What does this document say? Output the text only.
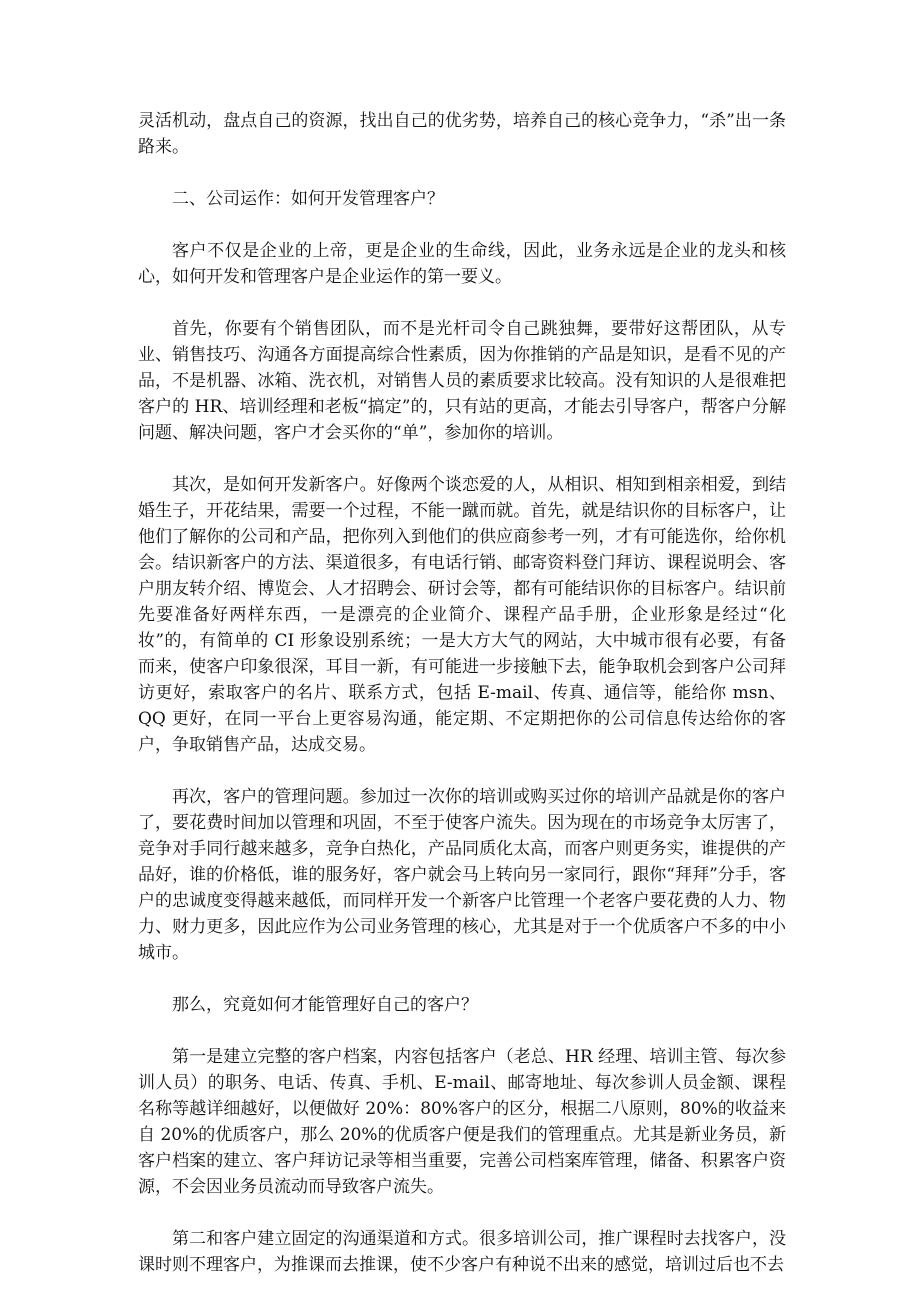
灵活机动，盘点自己的资源，找出自己的优劣势，培养自己的核心竞争力，“杀”出一条路来。

二、公司运作：如何开发管理客户？

客户不仅是企业的上帝，更是企业的生命线，因此，业务永远是企业的龙头和核心，如何开发和管理客户是企业运作的第一要义。

首先，你要有个销售团队，而不是光杆司令自己跳独舞，要带好这帮团队，从专业、销售技巧、沟通各方面提高综合性素质，因为你推销的产品是知识，是看不见的产品，不是机器、冰箱、洗衣机，对销售人员的素质要求比较高。没有知识的人是很难把客户的 HR、培训经理和老板“搞定”的，只有站的更高，才能去引导客户，帮客户分解问题、解决问题，客户才会买你的“单”，参加你的培训。

其次，是如何开发新客户。好像两个谈恋爱的人，从相识、相知到相亲相爱，到结婚生子，开花结果，需要一个过程，不能一蹴而就。首先，就是结识你的目标客户，让他们了解你的公司和产品，把你列入到他们的供应商参考一列，才有可能选你，给你机会。结识新客户的方法、渠道很多，有电话行销、邮寄资料登门拜访、课程说明会、客户朋友转介绍、博览会、人才招聘会、研讨会等，都有可能结识你的目标客户。结识前先要准备好两样东西，一是漂亮的企业简介、课程产品手册，企业形象是经过“化妆”的，有简单的 CI 形象设别系统；一是大方大气的网站，大中城市很有必要，有备而来，使客户印象很深，耳目一新，有可能进一步接触下去，能争取机会到客户公司拜访更好，索取客户的名片、联系方式，包括 E-mail、传真、通信等，能给你 msn、QQ 更好，在同一平台上更容易沟通，能定期、不定期把你的公司信息传达给你的客户，争取销售产品，达成交易。

再次，客户的管理问题。参加过一次你的培训或购买过你的培训产品就是你的客户了，要花费时间加以管理和巩固，不至于使客户流失。因为现在的市场竞争太厉害了，竞争对手同行越来越多，竞争白热化，产品同质化太高，而客户则更务实，谁提供的产品好，谁的价格低，谁的服务好，客户就会马上转向另一家同行，跟你“拜拜”分手，客户的忠诚度变得越来越低，而同样开发一个新客户比管理一个老客户要花费的人力、物力、财力更多，因此应作为公司业务管理的核心，尤其是对于一个优质客户不多的中小城市。

那么，究竟如何才能管理好自己的客户？

第一是建立完整的客户档案，内容包括客户（老总、HR 经理、培训主管、每次参训人员）的职务、电话、传真、手机、E-mail、邮寄地址、每次参训人员金额、课程名称等越详细越好，以便做好 20%：80%客户的区分，根据二八原则，80%的收益来自 20%的优质客户，那么 20%的优质客户便是我们的管理重点。尤其是新业务员，新客户档案的建立、客户拜访记录等相当重要，完善公司档案库管理，储备、积累客户资源，不会因业务员流动而导致客户流失。

第二和客户建立固定的沟通渠道和方式。很多培训公司，推广课程时去找客户，没课时则不理客户，为推课而去推课，使不少客户有种说不出来的感觉，培训过后也不去
